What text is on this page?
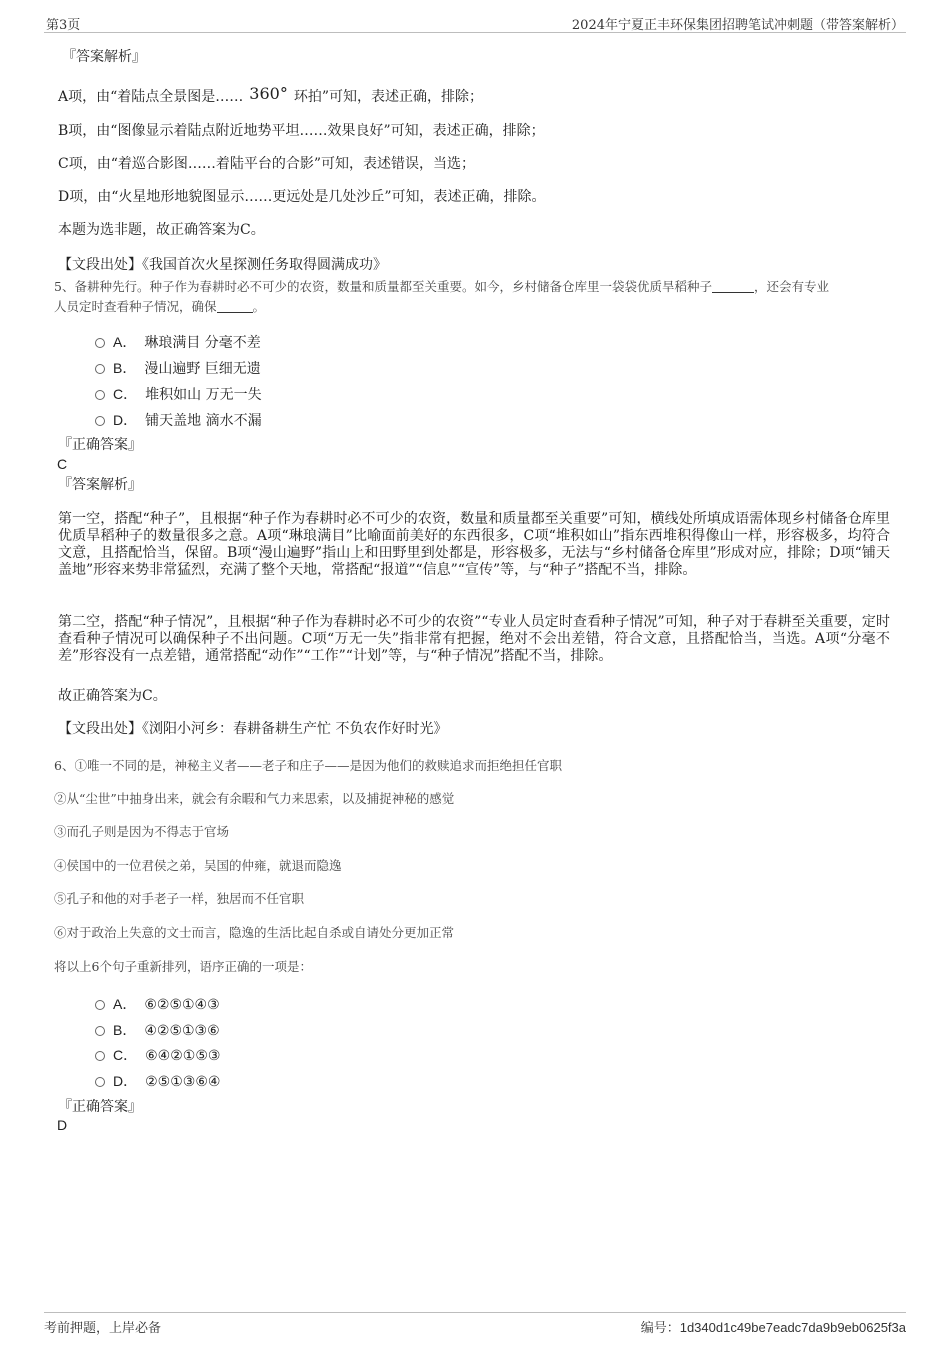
第3页	2024年宁夏正丰环保集团招聘笔试冲刺题（带答案解析）
『答案解析』
A项，由“着陆点全景图是…… 360° 环拍”可知，表述正确，排除；
B项，由“图像显示着陆点附近地势平坦……效果良好”可知，表述正确，排除；
C项，由“着巡合影图……着陆平台的合影”可知，表述错误，当选；
D项，由“火星地形地貌图显示……更远处是几处沙丘”可知，表述正确，排除。
本题为选非题，故正确答案为C。
【文段出处】《我国首次火星探测任务取得圆满成功》
5、备耕种先行。种子作为春耕时必不可少的农资，数量和质量都至关重要。如今，乡村储备仓库里一袋袋优质旱稻种子	，还会有专业
人员定时查看种子情况，确保	。
A． 琳琅满目 分毫不差
B． 漫山遍野 巨细无遗
C． 堆积如山 万无一失
D． 铺天盖地 滴水不漏
『正确答案』
C
『答案解析』
第一空，搭配“种子”，且根据“种子作为春耕时必不可少的农资，数量和质量都至关重要”可知，横线处所填成语需体现乡村储备仓库里优质旱稻种子的数量很多之意。A项“琳琅满目”比喻面前美好的东西很多，C项“堆积如山”指东西堆积得像山一样，形容极多，均符合文意，且搭配恰当，保留。B项“漫山遍野”指山上和田野里到处都是，形容极多，无法与“乡村储备仓库里”形成对应，排除；D项“铺天盖地”形容来势非常猛烈，充满了整个天地，常搭配“报道”“信息”“宣传”等，与“种子”搭配不当，排除。
第二空，搭配“种子情况”，且根据“种子作为春耕时必不可少的农资”“专业人员定时查看种子情况”可知，种子对于春耕至关重要，定时查看种子情况可以确保种子不出问题。C项“万无一失”指非常有把握，绝对不会出差错，符合文意，且搭配恰当，当选。A项“分毫不差”形容没有一点差错，通常搭配“动作”“工作”“计划”等，与“种子情况”搭配不当，排除。
故正确答案为C。
【文段出处】《浏阳小河乡：春耕备耕生产忙 不负农作好时光》
6、①唯一不同的是，神秘主义者——老子和庄子——是因为他们的救赎追求而拒绝担任官职
②从“尘世”中抽身出来，就会有余暇和气力来思索，以及捕捉神秘的感觉
③而孔子则是因为不得志于官场
④侯国中的一位君侯之弟，吴国的仲雍，就退而隐逸
⑤孔子和他的对手老子一样，独居而不任官职
⑥对于政治上失意的文士而言，隐逸的生活比起自杀或自请处分更加正常
将以上6个句子重新排列，语序正确的一项是：
A． ⑥②⑤①④③
B． ④②⑤①③⑥
C． ⑥④②①⑤③
D． ②⑤①③⑥④
『正确答案』
D
考前押题，上岸必备	编号：1d340d1c49be7eadc7da9b9eb0625f3a
